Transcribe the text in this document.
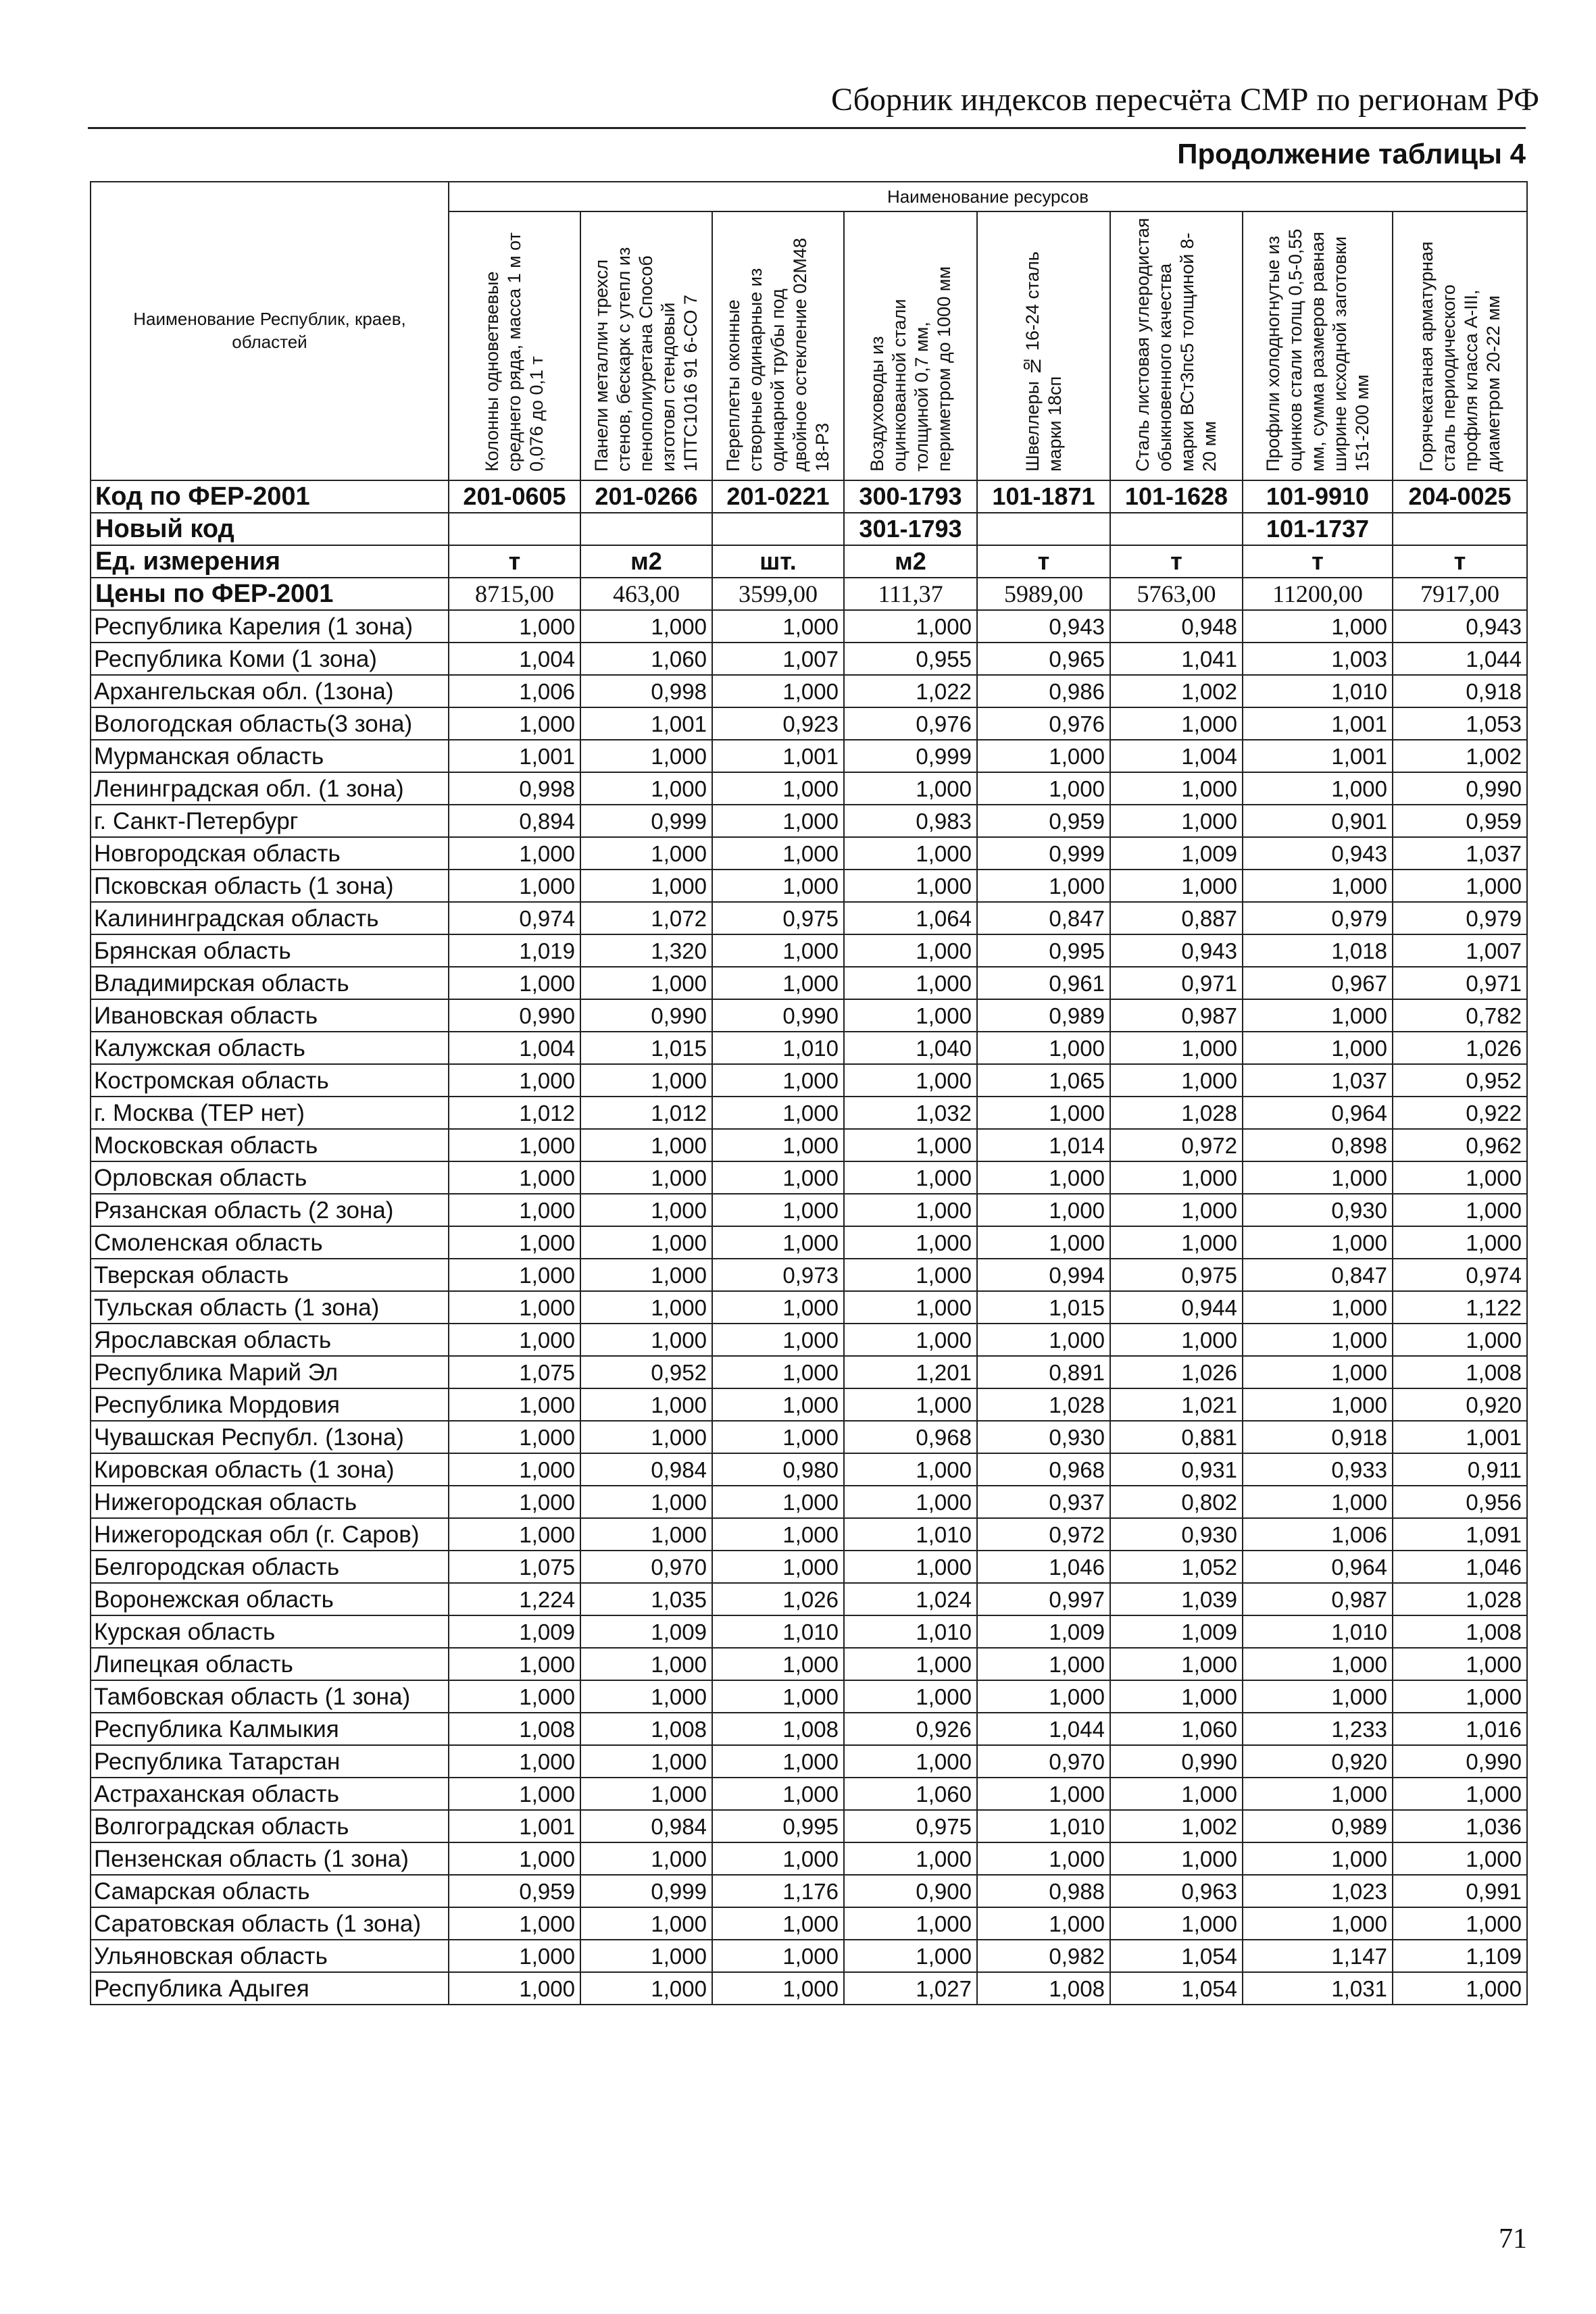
Сборник индексов пересчёта СМР по регионам РФ
Продолжение таблицы 4
Наименование Республик, краев, областей	Наименование ресурсов							
	Колонны одноветвевые среднего ряда, масса 1 м от 0,076 до 0,1 т	Панели металлич трехсл стенов, бескарк с утепл из пенополиуретана Способ изготовл стендовый 1ПТС1016 91 6-СО 7	Переплеты оконные створные одинарные из одинарной трубы под двойное остекление 02М48 18-Р3	Воздуховоды из оцинкованной стали толщиной 0,7 мм, периметром до 1000 мм	Швеллеры № 16-24 сталь марки 18сп	Сталь листовая углеродистая обыкновенного качества марки ВСт3пс5 толщиной 8-20 мм	Профили холодногнутые из оцинков стали толщ 0,5-0,55 мм, сумма размеров равная ширине исходной заготовки 151-200 мм	Горячекатаная арматурная сталь периодического профиля класса А-III, диаметром 20-22 мм
Код по ФЕР-2001	201-0605	201-0266	201-0221	300-1793	101-1871	101-1628	101-9910	204-0025
Новый код				301-1793			101-1737	
Ед. измерения	т	м2	шт.	м2	т	т	т	т
Цены по ФЕР-2001	8715,00	463,00	3599,00	111,37	5989,00	5763,00	11200,00	7917,00
Республика Карелия (1 зона)	1,000	1,000	1,000	1,000	0,943	0,948	1,000	0,943
Республика Коми (1 зона)	1,004	1,060	1,007	0,955	0,965	1,041	1,003	1,044
Архангельская обл. (1зона)	1,006	0,998	1,000	1,022	0,986	1,002	1,010	0,918
Вологодская область(3 зона)	1,000	1,001	0,923	0,976	0,976	1,000	1,001	1,053
Мурманская область	1,001	1,000	1,001	0,999	1,000	1,004	1,001	1,002
Ленинградская обл. (1 зона)	0,998	1,000	1,000	1,000	1,000	1,000	1,000	0,990
г. Санкт-Петербург	0,894	0,999	1,000	0,983	0,959	1,000	0,901	0,959
Новгородская область	1,000	1,000	1,000	1,000	0,999	1,009	0,943	1,037
Псковская область (1 зона)	1,000	1,000	1,000	1,000	1,000	1,000	1,000	1,000
Калининградская область	0,974	1,072	0,975	1,064	0,847	0,887	0,979	0,979
Брянская область	1,019	1,320	1,000	1,000	0,995	0,943	1,018	1,007
Владимирская область	1,000	1,000	1,000	1,000	0,961	0,971	0,967	0,971
Ивановская область	0,990	0,990	0,990	1,000	0,989	0,987	1,000	0,782
Калужская область	1,004	1,015	1,010	1,040	1,000	1,000	1,000	1,026
Костромская область	1,000	1,000	1,000	1,000	1,065	1,000	1,037	0,952
г. Москва (ТЕР нет)	1,012	1,012	1,000	1,032	1,000	1,028	0,964	0,922
Московская область	1,000	1,000	1,000	1,000	1,014	0,972	0,898	0,962
Орловская область	1,000	1,000	1,000	1,000	1,000	1,000	1,000	1,000
Рязанская область (2 зона)	1,000	1,000	1,000	1,000	1,000	1,000	0,930	1,000
Смоленская область	1,000	1,000	1,000	1,000	1,000	1,000	1,000	1,000
Тверская область	1,000	1,000	0,973	1,000	0,994	0,975	0,847	0,974
Тульская область (1 зона)	1,000	1,000	1,000	1,000	1,015	0,944	1,000	1,122
Ярославская область	1,000	1,000	1,000	1,000	1,000	1,000	1,000	1,000
Республика Марий Эл	1,075	0,952	1,000	1,201	0,891	1,026	1,000	1,008
Республика Мордовия	1,000	1,000	1,000	1,000	1,028	1,021	1,000	0,920
Чувашская Республ. (1зона)	1,000	1,000	1,000	0,968	0,930	0,881	0,918	1,001
Кировская область (1 зона)	1,000	0,984	0,980	1,000	0,968	0,931	0,933	0,911
Нижегородская область	1,000	1,000	1,000	1,000	0,937	0,802	1,000	0,956
Нижегородская обл (г. Саров)	1,000	1,000	1,000	1,010	0,972	0,930	1,006	1,091
Белгородская область	1,075	0,970	1,000	1,000	1,046	1,052	0,964	1,046
Воронежская область	1,224	1,035	1,026	1,024	0,997	1,039	0,987	1,028
Курская область	1,009	1,009	1,010	1,010	1,009	1,009	1,010	1,008
Липецкая область	1,000	1,000	1,000	1,000	1,000	1,000	1,000	1,000
Тамбовская область (1 зона)	1,000	1,000	1,000	1,000	1,000	1,000	1,000	1,000
Республика Калмыкия	1,008	1,008	1,008	0,926	1,044	1,060	1,233	1,016
Республика Татарстан	1,000	1,000	1,000	1,000	0,970	0,990	0,920	0,990
Астраханская область	1,000	1,000	1,000	1,060	1,000	1,000	1,000	1,000
Волгоградская область	1,001	0,984	0,995	0,975	1,010	1,002	0,989	1,036
Пензенская область (1 зона)	1,000	1,000	1,000	1,000	1,000	1,000	1,000	1,000
Самарская область	0,959	0,999	1,176	0,900	0,988	0,963	1,023	0,991
Саратовская область (1 зона)	1,000	1,000	1,000	1,000	1,000	1,000	1,000	1,000
Ульяновская область	1,000	1,000	1,000	1,000	0,982	1,054	1,147	1,109
Республика Адыгея	1,000	1,000	1,000	1,027	1,008	1,054	1,031	1,000
71
